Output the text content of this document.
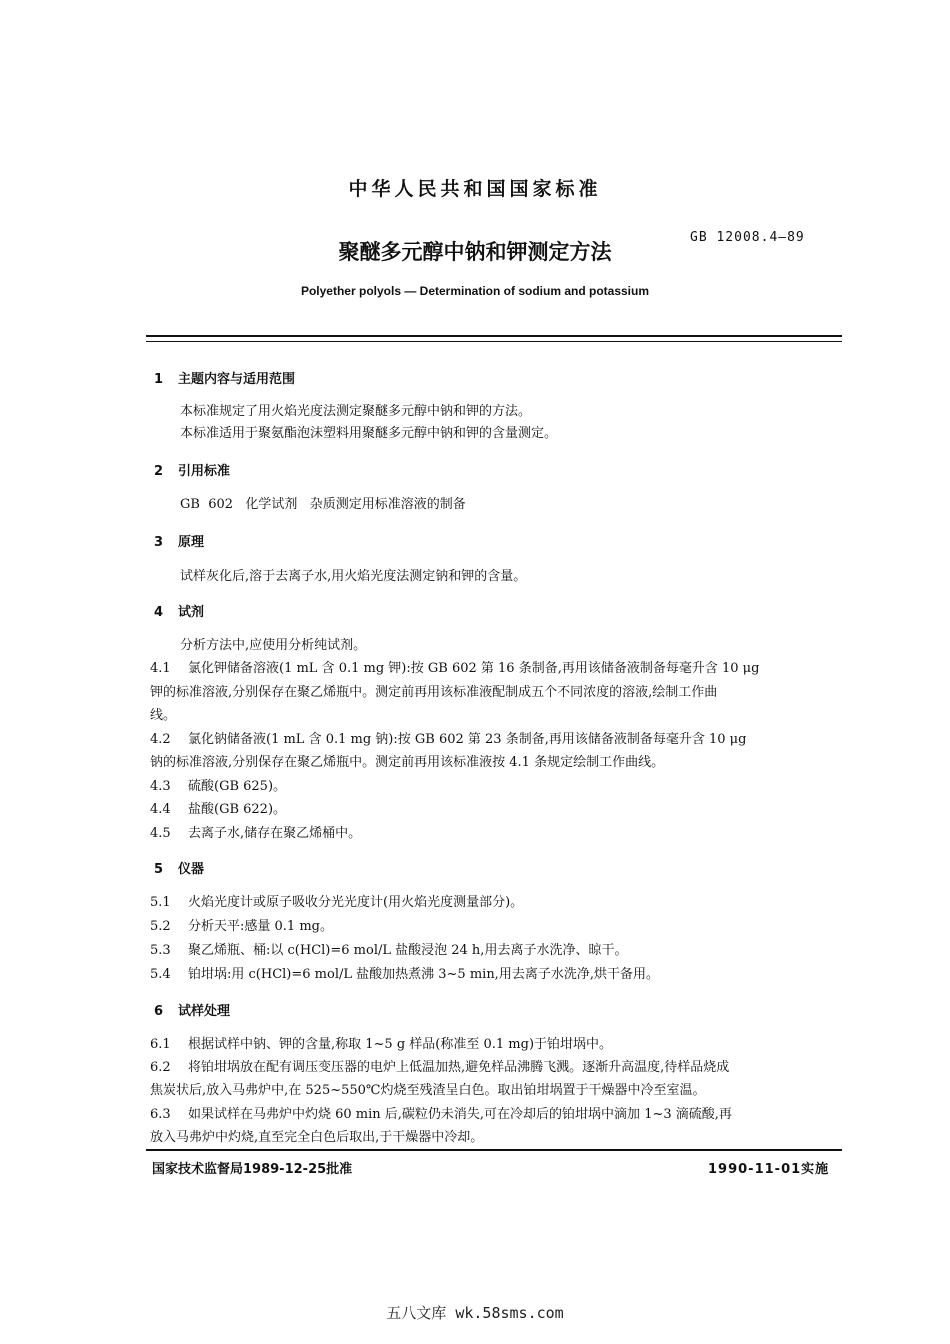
中华人民共和国国家标准
GB 12008.4—89
聚醚多元醇中钠和钾测定方法
Polyether polyols — Determination of sodium and potassium
1 主题内容与适用范围
本标准规定了用火焰光度法测定聚醚多元醇中钠和钾的方法。
本标准适用于聚氨酯泡沫塑料用聚醚多元醇中钠和钾的含量测定。
2 引用标准
GB  602   化学试剂   杂质测定用标准溶液的制备
3 原理
试样灰化后,溶于去离子水,用火焰光度法测定钠和钾的含量。
4 试剂
分析方法中,应使用分析纯试剂。
4.1 氯化钾储备溶液(1 mL 含 0.1 mg 钾):按 GB 602 第 16 条制备,再用该储备液制备每毫升含 10 μg
钾的标准溶液,分别保存在聚乙烯瓶中。测定前再用该标准液配制成五个不同浓度的溶液,绘制工作曲
线。
4.2 氯化钠储备液(1 mL 含 0.1 mg 钠):按 GB 602 第 23 条制备,再用该储备液制备每毫升含 10 μg
钠的标准溶液,分别保存在聚乙烯瓶中。测定前再用该标准液按 4.1 条规定绘制工作曲线。
4.3 硫酸(GB 625)。
4.4 盐酸(GB 622)。
4.5 去离子水,储存在聚乙烯桶中。
5 仪器
5.1 火焰光度计或原子吸收分光光度计(用火焰光度测量部分)。
5.2 分析天平:感量 0.1 mg。
5.3 聚乙烯瓶、桶:以 c(HCl)=6 mol/L 盐酸浸泡 24 h,用去离子水洗净、晾干。
5.4 铂坩埚:用 c(HCl)=6 mol/L 盐酸加热煮沸 3~5 min,用去离子水洗净,烘干备用。
6 试样处理
6.1 根据试样中钠、钾的含量,称取 1~5 g 样品(称准至 0.1 mg)于铂坩埚中。
6.2 将铂坩埚放在配有调压变压器的电炉上低温加热,避免样品沸腾飞溅。逐渐升高温度,待样品烧成
焦炭状后,放入马弗炉中,在 525~550℃灼烧至残渣呈白色。取出铂坩埚置于干燥器中冷至室温。
6.3 如果试样在马弗炉中灼烧 60 min 后,碳粒仍未消失,可在冷却后的铂坩埚中滴加 1~3 滴硫酸,再
放入马弗炉中灼烧,直至完全白色后取出,于干燥器中冷却。
国家技术监督局1989-12-25批准	1990-11-01实施
五八文库 wk.58sms.com
